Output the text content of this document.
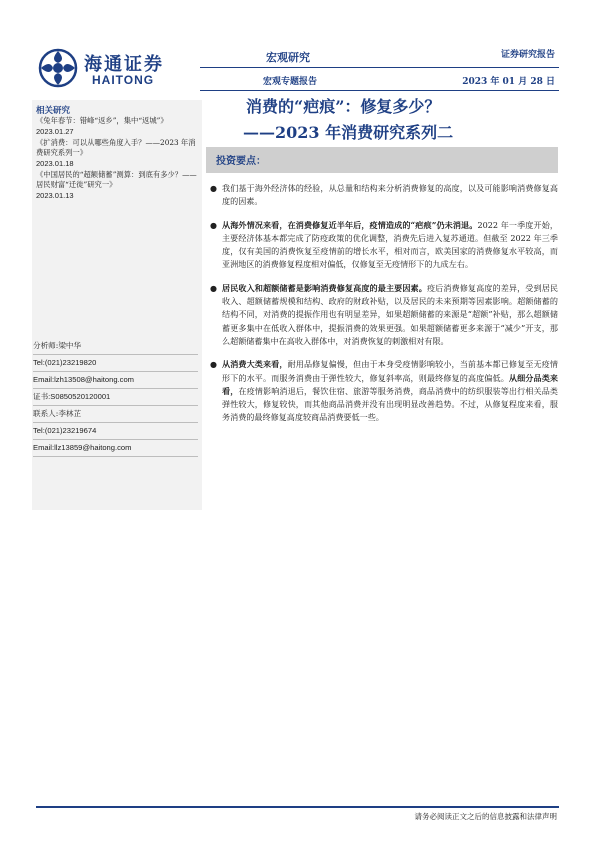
海通证券
HAITONG
宏观研究
宏观专题报告
证券研究报告
2023 年 01 月 28 日
消费的“疤痕”：修复多少？
——2023 年消费研究系列二
相关研究
《兔年春节：错峰“返乡”，集中“返城”》
2023.01.27
《扩消费：可以从哪些角度入手？——2023 年消费研究系列一》
2023.01.18
《中国居民的“超额储蓄”测算：到底有多少？——居民财富“迁徙”研究一》
2023.01.13
分析师:梁中华
Tel:(021)23219820
Email:lzh13508@haitong.com
证书:S0850520120001
联系人:李林芷
Tel:(021)23219674
Email:llz13859@haitong.com
投资要点：
● 我们基于海外经济体的经验，从总量和结构来分析消费修复的高度，以及可能影响消费修复高度的因素。
● 从海外情况来看，在消费修复近半年后，疫情造成的“疤痕”仍未消退。2022 年一季度开始，主要经济体基本都完成了防疫政策的优化调整，消费先后进入复苏通道。但截至 2022 年三季度，仅有美国的消费恢复至疫情前的增长水平，相对而言，欧美国家的消费修复水平较高，而亚洲地区的消费修复程度相对偏低，仅修复至无疫情形下的九成左右。
● 居民收入和超额储蓄是影响消费修复高度的最主要因素。疫后消费修复高度的差异，受到居民收入、超额储蓄规模和结构、政府的财政补贴，以及居民的未来预期等因素影响。超额储蓄的结构不同，对消费的提振作用也有明显差异，如果超额储蓄的来源是“超额”补贴，那么超额储蓄更多集中在低收入群体中，提振消费的效果更强。如果超额储蓄更多来源于“减少”开支，那么超额储蓄集中在高收入群体中，对消费恢复的刺激相对有限。
● 从消费大类来看，耐用品修复偏慢，但由于本身受疫情影响较小，当前基本都已修复至无疫情形下的水平。而服务消费由于弹性较大，修复斜率高，则最终修复的高度偏低。从细分品类来看，在疫情影响消退后，餐饮住宿、旅游等服务消费，商品消费中的纺织服装等出行相关品类弹性较大，修复较快，而其他商品消费并没有出现明显改善趋势。不过，从修复程度来看，服务消费的最终修复高度较商品消费要低一些。
请务必阅读正文之后的信息披露和法律声明
